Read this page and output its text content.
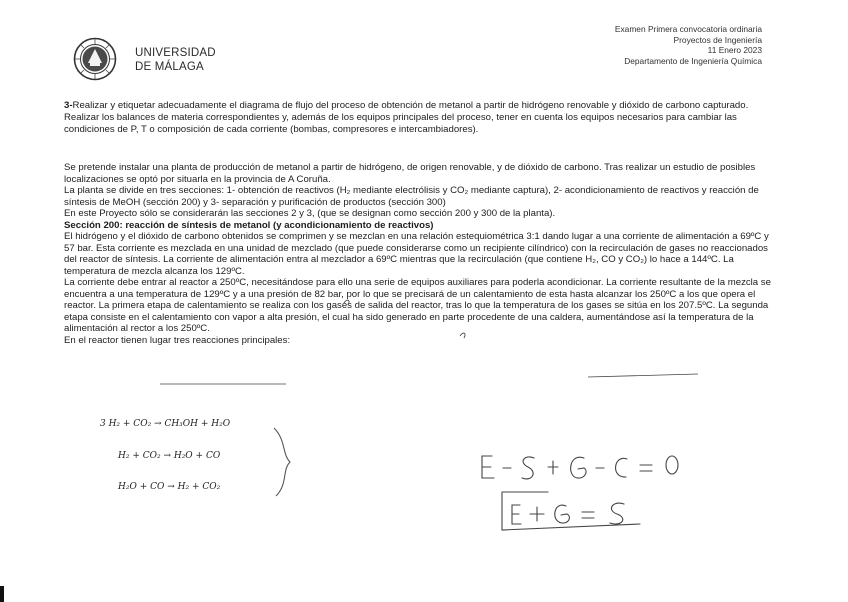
UNIVERSIDAD
DE MÁLAGA
Examen Primera convocatoria ordinaria
Proyectos de Ingeniería
11 Enero 2023
Departamento de Ingeniería Química
3-Realizar y etiquetar adecuadamente el diagrama de flujo del proceso de obtención de metanol a partir de hidrógeno renovable y dióxido de carbono capturado. Realizar los balances de materia correspondientes y, además de los equipos principales del proceso, tener en cuenta los equipos necesarios para cambiar las condiciones de P, T o composición de cada corriente (bombas, compresores e intercambiadores).

Se pretende instalar una planta de producción de metanol a partir de hidrógeno, de origen renovable, y de dióxido de carbono. Tras realizar un estudio de posibles localizaciones se optó por situarla en la provincia de A Coruña.

La planta se divide en tres secciones: 1- obtención de reactivos (H₂ mediante electrólisis y CO₂ mediante captura), 2- acondicionamiento de reactivos y reacción de síntesis de MeOH (sección 200) y 3- separación y purificación de productos (sección 300)

En este Proyecto sólo se considerarán las secciones 2 y 3, (que se designan como sección 200 y 300 de la planta).

Sección 200: reacción de síntesis de metanol (y acondicionamiento de reactivos)

El hidrógeno y el dióxido de carbono obtenidos se comprimen y se mezclan en una relación estequiométrica 3:1 dando lugar a una corriente de alimentación a 69ºC y 57 bar. Esta corriente es mezclada en una unidad de mezclado (que puede considerarse como un recipiente cilíndrico) con la recirculación de gases no reaccionados del reactor de síntesis. La corriente de alimentación entra al mezclador a 69ºC mientras que la recirculación (que contiene H₂, CO y CO₂) lo hace a 144ºC. La temperatura de mezcla alcanza los 129ºC.

La corriente debe entrar al reactor a 250ºC, necesitándose para ello una serie de equipos auxiliares para poderla acondicionar. La corriente resultante de la mezcla se encuentra a una temperatura de 129ºC y a una presión de 82 bar, por lo que se precisará de un calentamiento de esta hasta alcanzar los 250ºC a los que opera el reactor. La primera etapa de calentamiento se realiza con los gases de salida del reactor, tras lo que la temperatura de los gases se sitúa en los 207.5ºC. La segunda etapa consiste en el calentamiento con vapor a alta presión, el cual ha sido generado en parte procedente de una caldera, aumentándose así la temperatura de la alimentación al rector a los 250ºC.

En el reactor tienen lugar tres reacciones principales:

3 H₂ + CO₂ → CH₃OH + H₂O
H₂ + CO₂ → H₂O + CO
H₂O + CO → H₂ + CO₂
